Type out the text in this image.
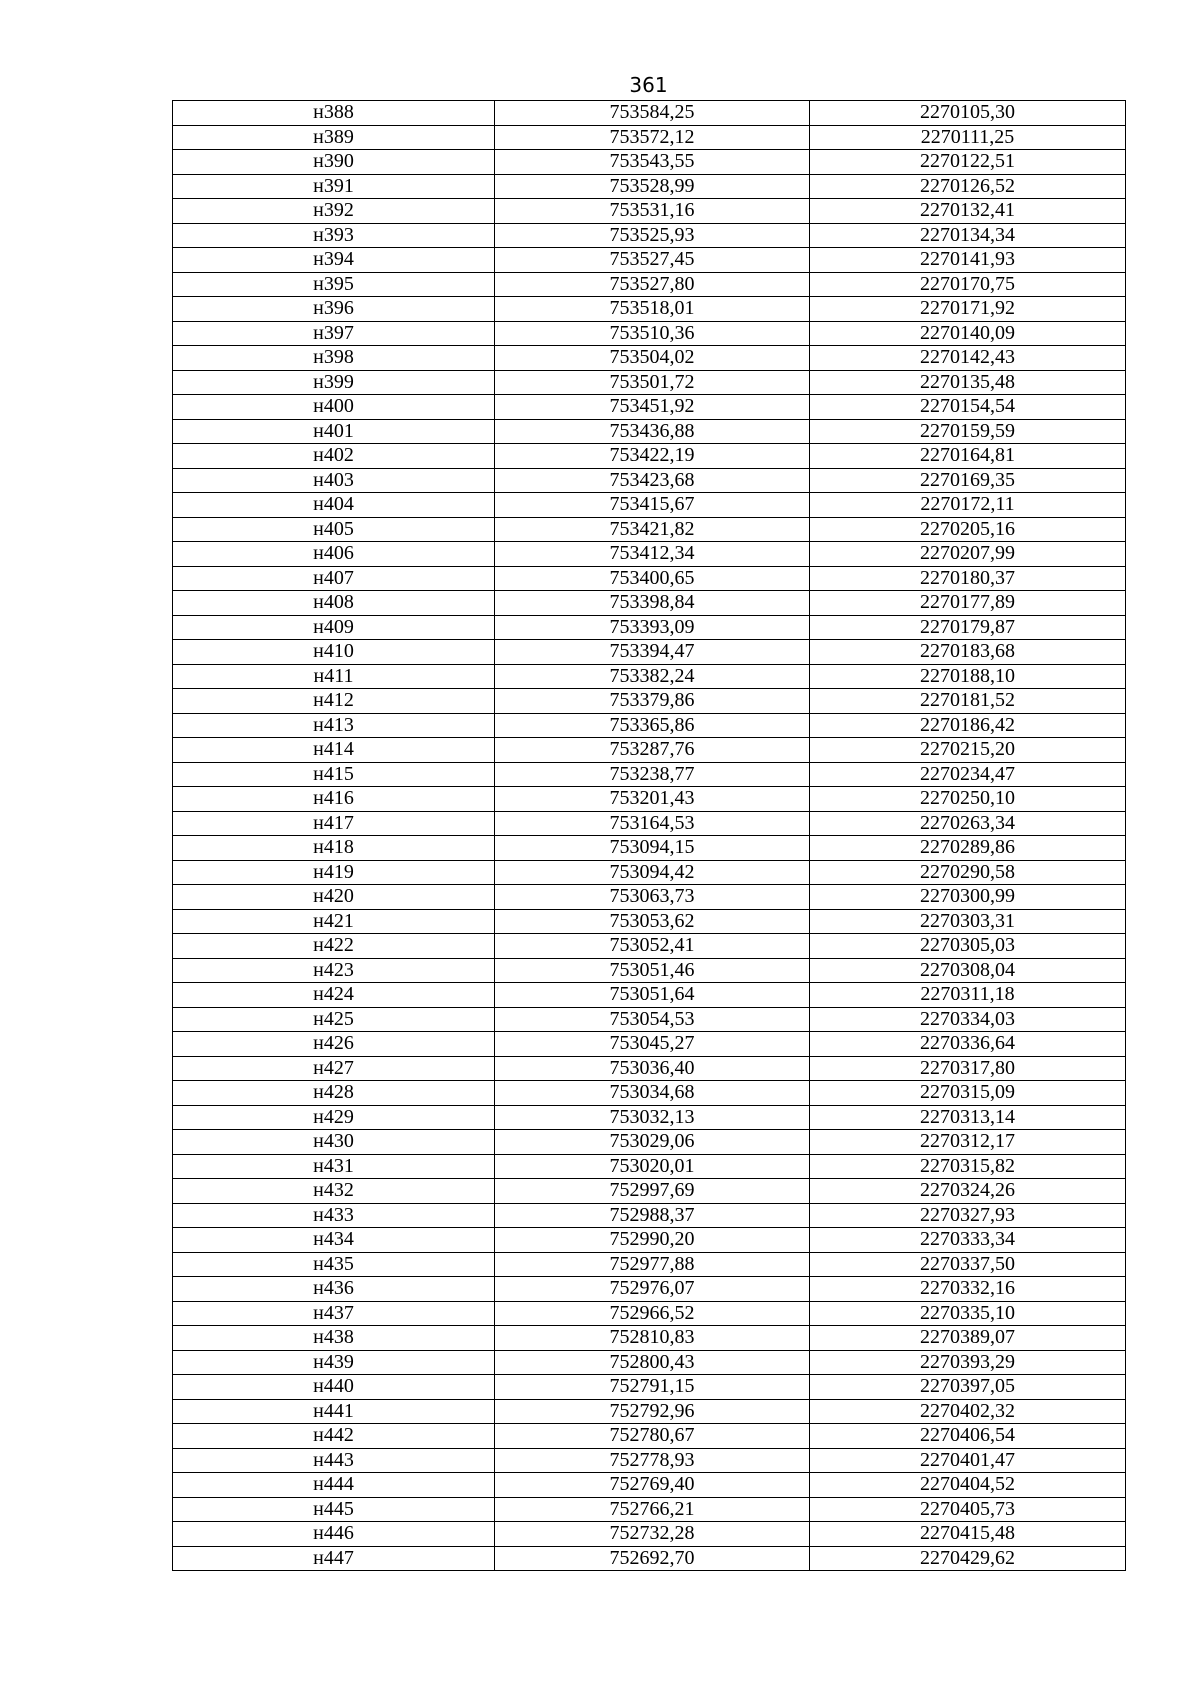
361
н388	753584,25	2270105,30
н389	753572,12	2270111,25
н390	753543,55	2270122,51
н391	753528,99	2270126,52
н392	753531,16	2270132,41
н393	753525,93	2270134,34
н394	753527,45	2270141,93
н395	753527,80	2270170,75
н396	753518,01	2270171,92
н397	753510,36	2270140,09
н398	753504,02	2270142,43
н399	753501,72	2270135,48
н400	753451,92	2270154,54
н401	753436,88	2270159,59
н402	753422,19	2270164,81
н403	753423,68	2270169,35
н404	753415,67	2270172,11
н405	753421,82	2270205,16
н406	753412,34	2270207,99
н407	753400,65	2270180,37
н408	753398,84	2270177,89
н409	753393,09	2270179,87
н410	753394,47	2270183,68
н411	753382,24	2270188,10
н412	753379,86	2270181,52
н413	753365,86	2270186,42
н414	753287,76	2270215,20
н415	753238,77	2270234,47
н416	753201,43	2270250,10
н417	753164,53	2270263,34
н418	753094,15	2270289,86
н419	753094,42	2270290,58
н420	753063,73	2270300,99
н421	753053,62	2270303,31
н422	753052,41	2270305,03
н423	753051,46	2270308,04
н424	753051,64	2270311,18
н425	753054,53	2270334,03
н426	753045,27	2270336,64
н427	753036,40	2270317,80
н428	753034,68	2270315,09
н429	753032,13	2270313,14
н430	753029,06	2270312,17
н431	753020,01	2270315,82
н432	752997,69	2270324,26
н433	752988,37	2270327,93
н434	752990,20	2270333,34
н435	752977,88	2270337,50
н436	752976,07	2270332,16
н437	752966,52	2270335,10
н438	752810,83	2270389,07
н439	752800,43	2270393,29
н440	752791,15	2270397,05
н441	752792,96	2270402,32
н442	752780,67	2270406,54
н443	752778,93	2270401,47
н444	752769,40	2270404,52
н445	752766,21	2270405,73
н446	752732,28	2270415,48
н447	752692,70	2270429,62
